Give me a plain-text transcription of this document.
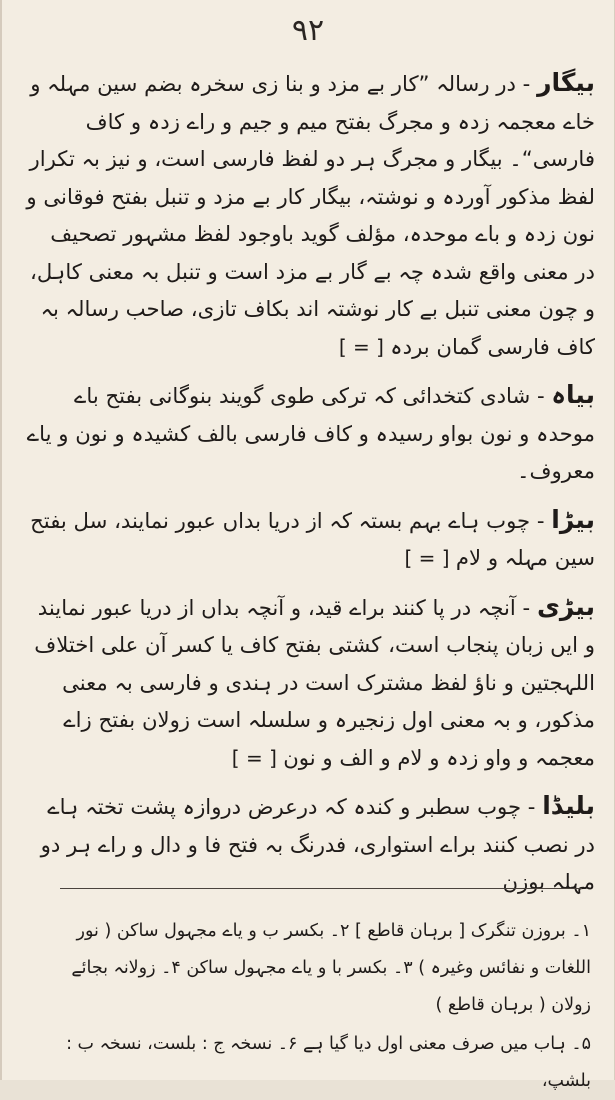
۹۲

بیگار - در رسالہ ”کار بے مزد و بنا زی سخرہ بضم سین مہلہ و خاے معجمہ زدہ و مجرگ بفتح میم و جیم و راے زدہ و کاف فارسی“۔ بیگار و مجرگ ہر دو لفظ فارسی است، و نیز بہ تکرار لفظ مذکور آوردہ و نوشتہ، بیگار کار بے مزد و تنبل بفتح فوقانی و نون زدہ و باے موحدہ، مؤلف گوید باوجود لفظ مشہور تصحیف در معنی واقع شدہ چہ بے گار بے مزد است و تنبل بہ معنی کاہل، و چون معنی تنبل بے کار نوشتہ اند بکاف تازی، صاحب رسالہ بہ کاف فارسی گمان بردہ [ = ]

بیاہ - شادی کتخدائی کہ ترکی طوی گویند بنوگانی بفتح باے موحدہ و نون بواو رسیدہ و کاف فارسی بالف کشیدہ و نون و یاے معروف۔

بیڑا - چوب ہاے بہم بستہ کہ از دریا بداں عبور نمایند، سل بفتح سین مہلہ و لام [ = ]

بیڑی - آنچہ در پا کنند براے قید، و آنچہ بداں از دریا عبور نمایند و ایں زبان پنجاب است، کشتی بفتح کاف یا کسر آن علی اختلاف اللہجتین و ناؤ لفظ مشترک است در ہندی و فارسی بہ معنی مذکور، و بہ معنی اول زنجیرہ و سلسلہ است زولان بفتح زاے معجمہ و واو زدہ و لام و الف و نون [ = ]

بلیڈا - چوب سطبر و کندہ کہ درعرض دروازہ پشت تختہ ہاے در نصب کنند براے استواری، فدرنگ بہ فتح فا و دال و راے ہر دو مہلہ بوزن

۱۔ بروزن تنگرک [ برہان قاطع ] ۲۔ بکسر ب و یاے مجہول ساکن ( نور اللغات و نفائس وغیرہ ) ۳۔ بکسر با و یاے مجہول ساکن ۴۔ زولانہ بجائے زولان ( برہان قاطع )

۵۔ ہاب میں صرف معنی اول دیا گیا ہے ۶۔ نسخہ ج : بلست، نسخہ ب : بلشپ،
